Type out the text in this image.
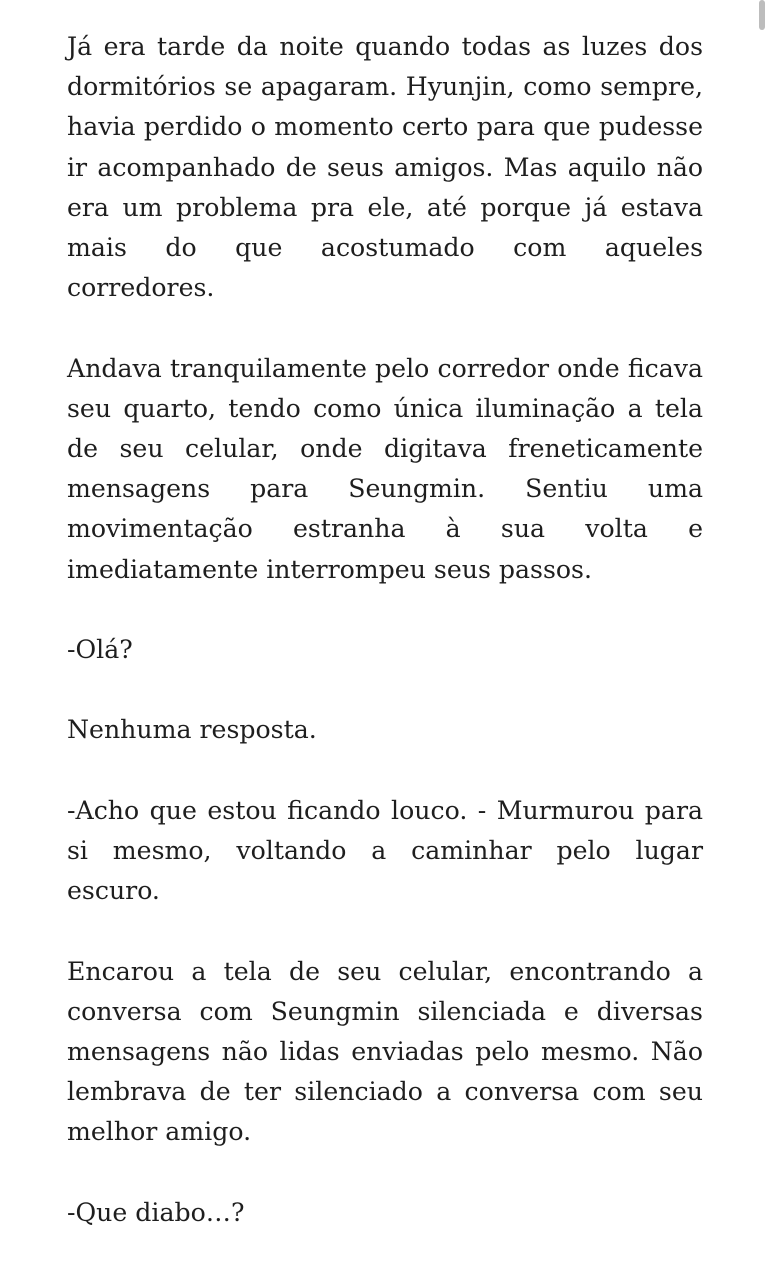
Já era tarde da noite quando todas as luzes dos dormitórios se apagaram. Hyunjin, como sempre, havia perdido o momento certo para que pudesse ir acompanhado de seus amigos. Mas aquilo não era um problema pra ele, até porque já estava mais do que acostumado com aqueles corredores.

Andava tranquilamente pelo corredor onde ficava seu quarto, tendo como única iluminação a tela de seu celular, onde digitava freneticamente mensagens para Seungmin. Sentiu uma movimentação estranha à sua volta e imediatamente interrompeu seus passos.

-Olá?

Nenhuma resposta.

-Acho que estou ficando louco. - Murmurou para si mesmo, voltando a caminhar pelo lugar escuro.

Encarou a tela de seu celular, encontrando a conversa com Seungmin silenciada e diversas mensagens não lidas enviadas pelo mesmo. Não lembrava de ter silenciado a conversa com seu melhor amigo.

-Que diabo…?
